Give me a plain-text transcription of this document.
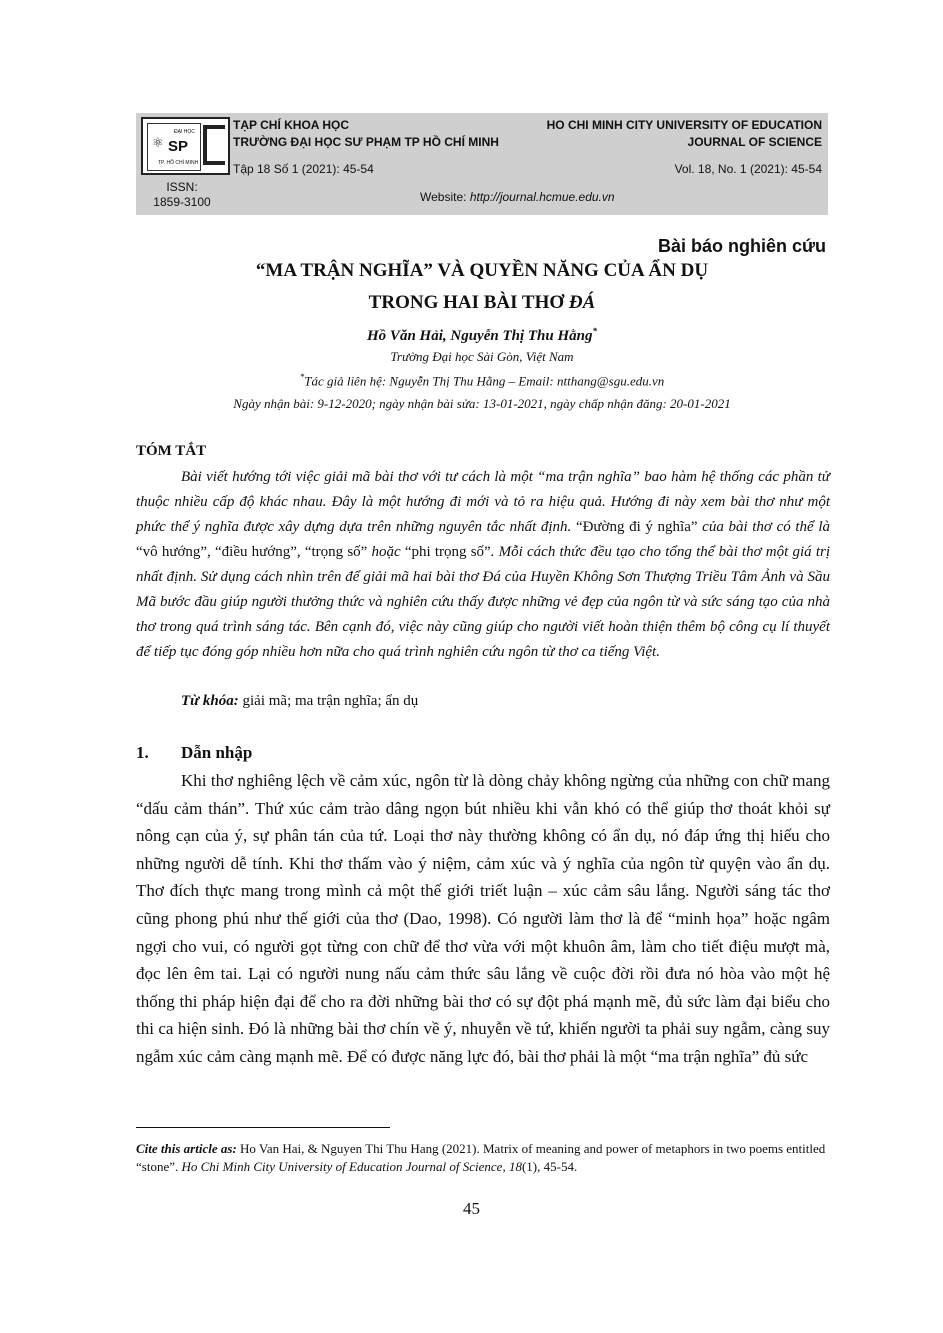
ĐẠI HỌC
⚛ SP
TP. HỒ CHÍ MINH
TẠP CHÍ KHOA HỌC
TRƯỜNG ĐẠI HỌC SƯ PHẠM TP HỒ CHÍ MINH
Tập 18 Số 1 (2021): 45-54
HO CHI MINH CITY UNIVERSITY OF EDUCATION
JOURNAL OF SCIENCE
Vol. 18, No. 1 (2021): 45-54
ISSN:
1859-3100	Website: http://journal.hcmue.edu.vn
Bài báo nghiên cứu
“MA TRẬN NGHĨA” VÀ QUYỀN NĂNG CỦA ẨN DỤ
TRONG HAI BÀI THƠ ĐÁ
Hồ Văn Hải, Nguyễn Thị Thu Hằng*
Trường Đại học Sài Gòn, Việt Nam
*Tác giả liên hệ: Nguyễn Thị Thu Hằng – Email: ntthang@sgu.edu.vn
Ngày nhận bài: 9-12-2020; ngày nhận bài sửa: 13-01-2021, ngày chấp nhận đăng: 20-01-2021
TÓM TẮT
Bài viết hướng tới việc giải mã bài thơ với tư cách là một “ma trận nghĩa” bao hàm hệ thống các phần tử thuộc nhiều cấp độ khác nhau. Đây là một hướng đi mới và tỏ ra hiệu quả. Hướng đi này xem bài thơ như một phức thể ý nghĩa được xây dựng dựa trên những nguyên tắc nhất định. “Đường đi ý nghĩa” của bài thơ có thể là “vô hướng”, “điều hướng”, “trọng số” hoặc “phi trọng số”. Mỗi cách thức đều tạo cho tổng thể bài thơ một giá trị nhất định. Sử dụng cách nhìn trên để giải mã hai bài thơ Đá của Huyền Không Sơn Thượng Triều Tâm Ảnh và Sầu Mã bước đầu giúp người thưởng thức và nghiên cứu thấy được những vẻ đẹp của ngôn từ và sức sáng tạo của nhà thơ trong quá trình sáng tác. Bên cạnh đó, việc này cũng giúp cho người viết hoàn thiện thêm bộ công cụ lí thuyết để tiếp tục đóng góp nhiều hơn nữa cho quá trình nghiên cứu ngôn từ thơ ca tiếng Việt.
Từ khóa: giải mã; ma trận nghĩa; ẩn dụ
1. Dẫn nhập
Khi thơ nghiêng lệch về cảm xúc, ngôn từ là dòng chảy không ngừng của những con chữ mang “dấu cảm thán”. Thứ xúc cảm trào dâng ngọn bút nhiều khi vẫn khó có thể giúp thơ thoát khỏi sự nông cạn của ý, sự phân tán của tứ. Loại thơ này thường không có ẩn dụ, nó đáp ứng thị hiếu cho những người dễ tính. Khi thơ thấm vào ý niệm, cảm xúc và ý nghĩa của ngôn từ quyện vào ẩn dụ. Thơ đích thực mang trong mình cả một thế giới triết luận – xúc cảm sâu lắng. Người sáng tác thơ cũng phong phú như thế giới của thơ (Dao, 1998). Có người làm thơ là để “minh họa” hoặc ngâm ngợi cho vui, có người gọt từng con chữ để thơ vừa với một khuôn âm, làm cho tiết điệu mượt mà, đọc lên êm tai. Lại có người nung nấu cảm thức sâu lắng về cuộc đời rồi đưa nó hòa vào một hệ thống thi pháp hiện đại để cho ra đời những bài thơ có sự đột phá mạnh mẽ, đủ sức làm đại biểu cho thi ca hiện sinh. Đó là những bài thơ chín về ý, nhuyễn về tứ, khiến người ta phải suy ngẫm, càng suy ngẫm xúc cảm càng mạnh mẽ. Để có được năng lực đó, bài thơ phải là một “ma trận nghĩa” đủ sức
Cite this article as: Ho Van Hai, & Nguyen Thi Thu Hang (2021). Matrix of meaning and power of metaphors in two poems entitled “stone”. Ho Chi Minh City University of Education Journal of Science, 18(1), 45-54.
45
